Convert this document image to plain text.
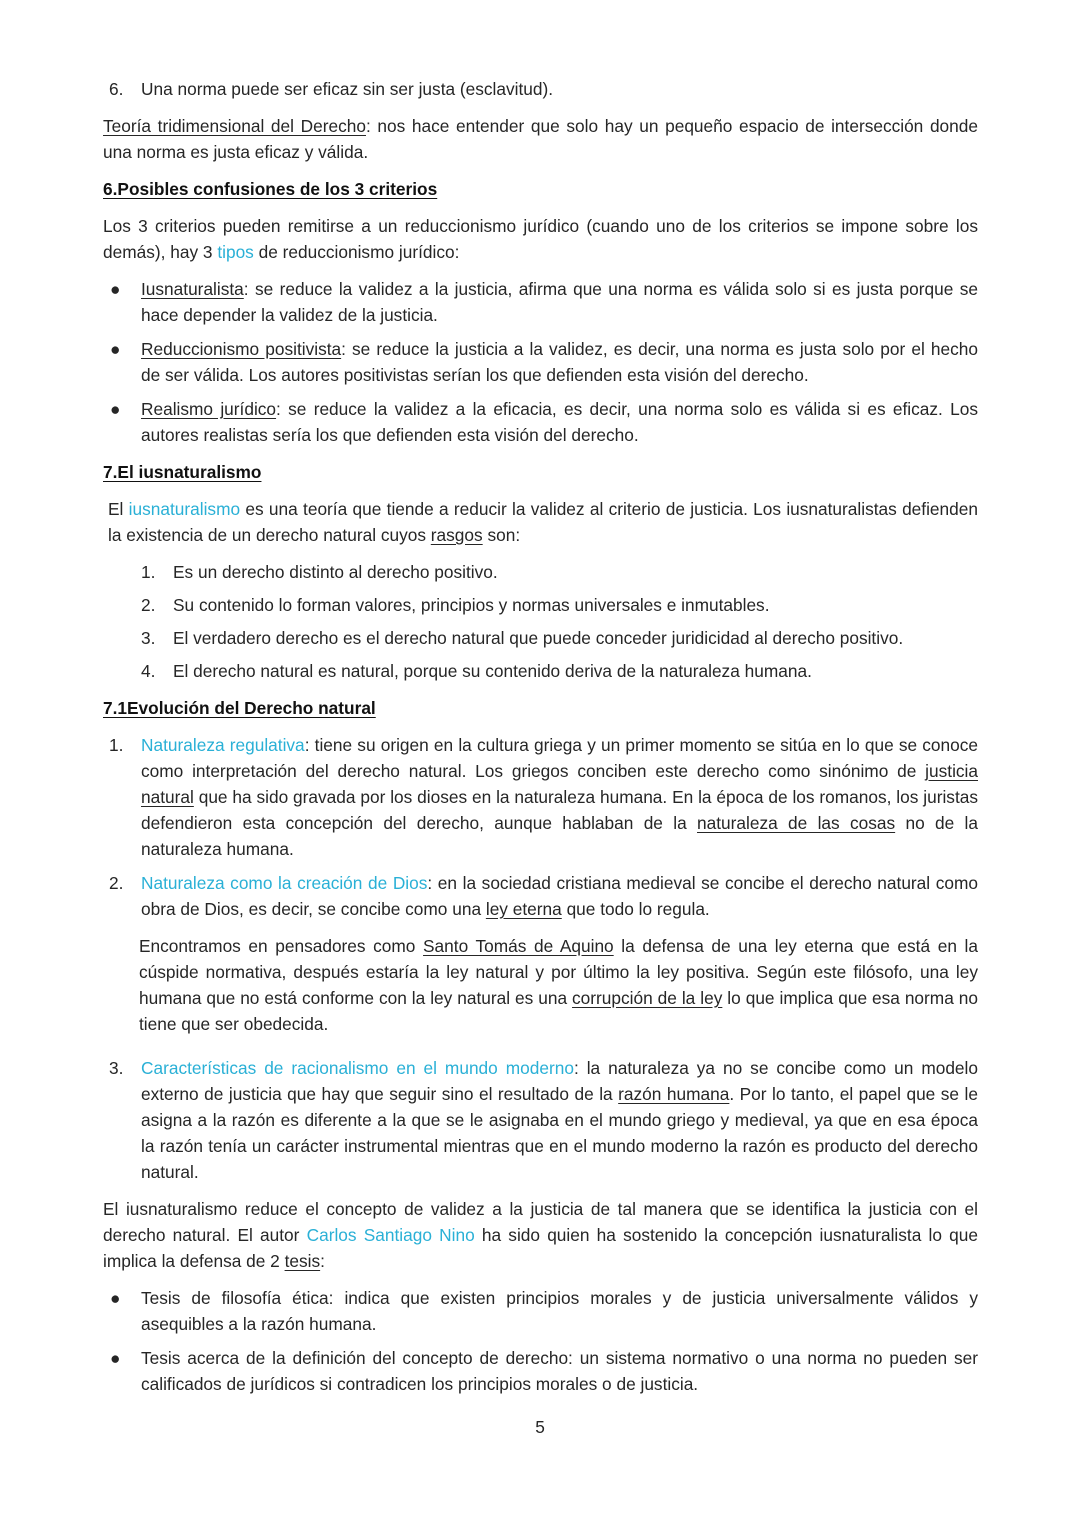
6.	Una norma puede ser eficaz sin ser justa (esclavitud).

Teoría tridimensional del Derecho: nos hace entender que solo hay un pequeño espacio de intersección donde una norma es justa eficaz y válida.

6.Posibles confusiones de los 3 criterios

Los 3 criterios pueden remitirse a un reduccionismo jurídico (cuando uno de los criterios se impone sobre los demás), hay 3 tipos de reduccionismo jurídico:

●	Iusnaturalista: se reduce la validez a la justicia, afirma que una norma es válida solo si es justa porque se hace depender la validez de la justicia.
●	Reduccionismo positivista: se reduce la justicia a la validez, es decir, una norma es justa solo por el hecho de ser válida. Los autores positivistas serían los que defienden esta visión del derecho.
●	Realismo jurídico: se reduce la validez a la eficacia, es decir, una norma solo es válida si es eficaz. Los autores realistas sería los que defienden esta visión del derecho.
7.El iusnaturalismo

El iusnaturalismo es una teoría que tiende a reducir la validez al criterio de justicia. Los iusnaturalistas defienden la existencia de un derecho natural cuyos rasgos son:

1.	Es un derecho distinto al derecho positivo.
2.	Su contenido lo forman valores, principios y normas universales e inmutables.
3.	El verdadero derecho es el derecho natural que puede conceder juridicidad al derecho positivo.
4.	El derecho natural es natural, porque su contenido deriva de la naturaleza humana.
7.1Evolución del Derecho natural
1.	Naturaleza regulativa: tiene su origen en la cultura griega y un primer momento se sitúa en lo que se conoce como interpretación del derecho natural. Los griegos conciben este derecho como sinónimo de justicia natural que ha sido gravada por los dioses en la naturaleza humana. En la época de los romanos, los juristas defendieron esta concepción del derecho, aunque hablaban de la naturaleza de las cosas no de la naturaleza humana.
2.	Naturaleza como la creación de Dios: en la sociedad cristiana medieval se concibe el derecho natural como obra de Dios, es decir, se concibe como una ley eterna que todo lo regula.

Encontramos en pensadores como Santo Tomás de Aquino la defensa de una ley eterna que está en la cúspide normativa, después estaría la ley natural y por último la ley positiva. Según este filósofo, una ley humana que no está conforme con la ley natural es una corrupción de la ley lo que implica que esa norma no tiene que ser obedecida.

3.	Características de racionalismo en el mundo moderno: la naturaleza ya no se concibe como un modelo externo de justicia que hay que seguir sino el resultado de la razón humana. Por lo tanto, el papel que se le asigna a la razón es diferente a la que se le asignaba en el mundo griego y medieval, ya que en esa época la razón tenía un carácter instrumental mientras que en el mundo moderno la razón es producto del derecho natural.

El iusnaturalismo reduce el concepto de validez a la justicia de tal manera que se identifica la justicia con el derecho natural. El autor Carlos Santiago Nino ha sido quien ha sostenido la concepción iusnaturalista lo que implica la defensa de 2 tesis:

●	Tesis de filosofía ética: indica que existen principios morales y de justicia universalmente válidos y asequibles a la razón humana.
●	Tesis acerca de la definición del concepto de derecho: un sistema normativo o una norma no pueden ser calificados de jurídicos si contradicen los principios morales o de justicia.
5
